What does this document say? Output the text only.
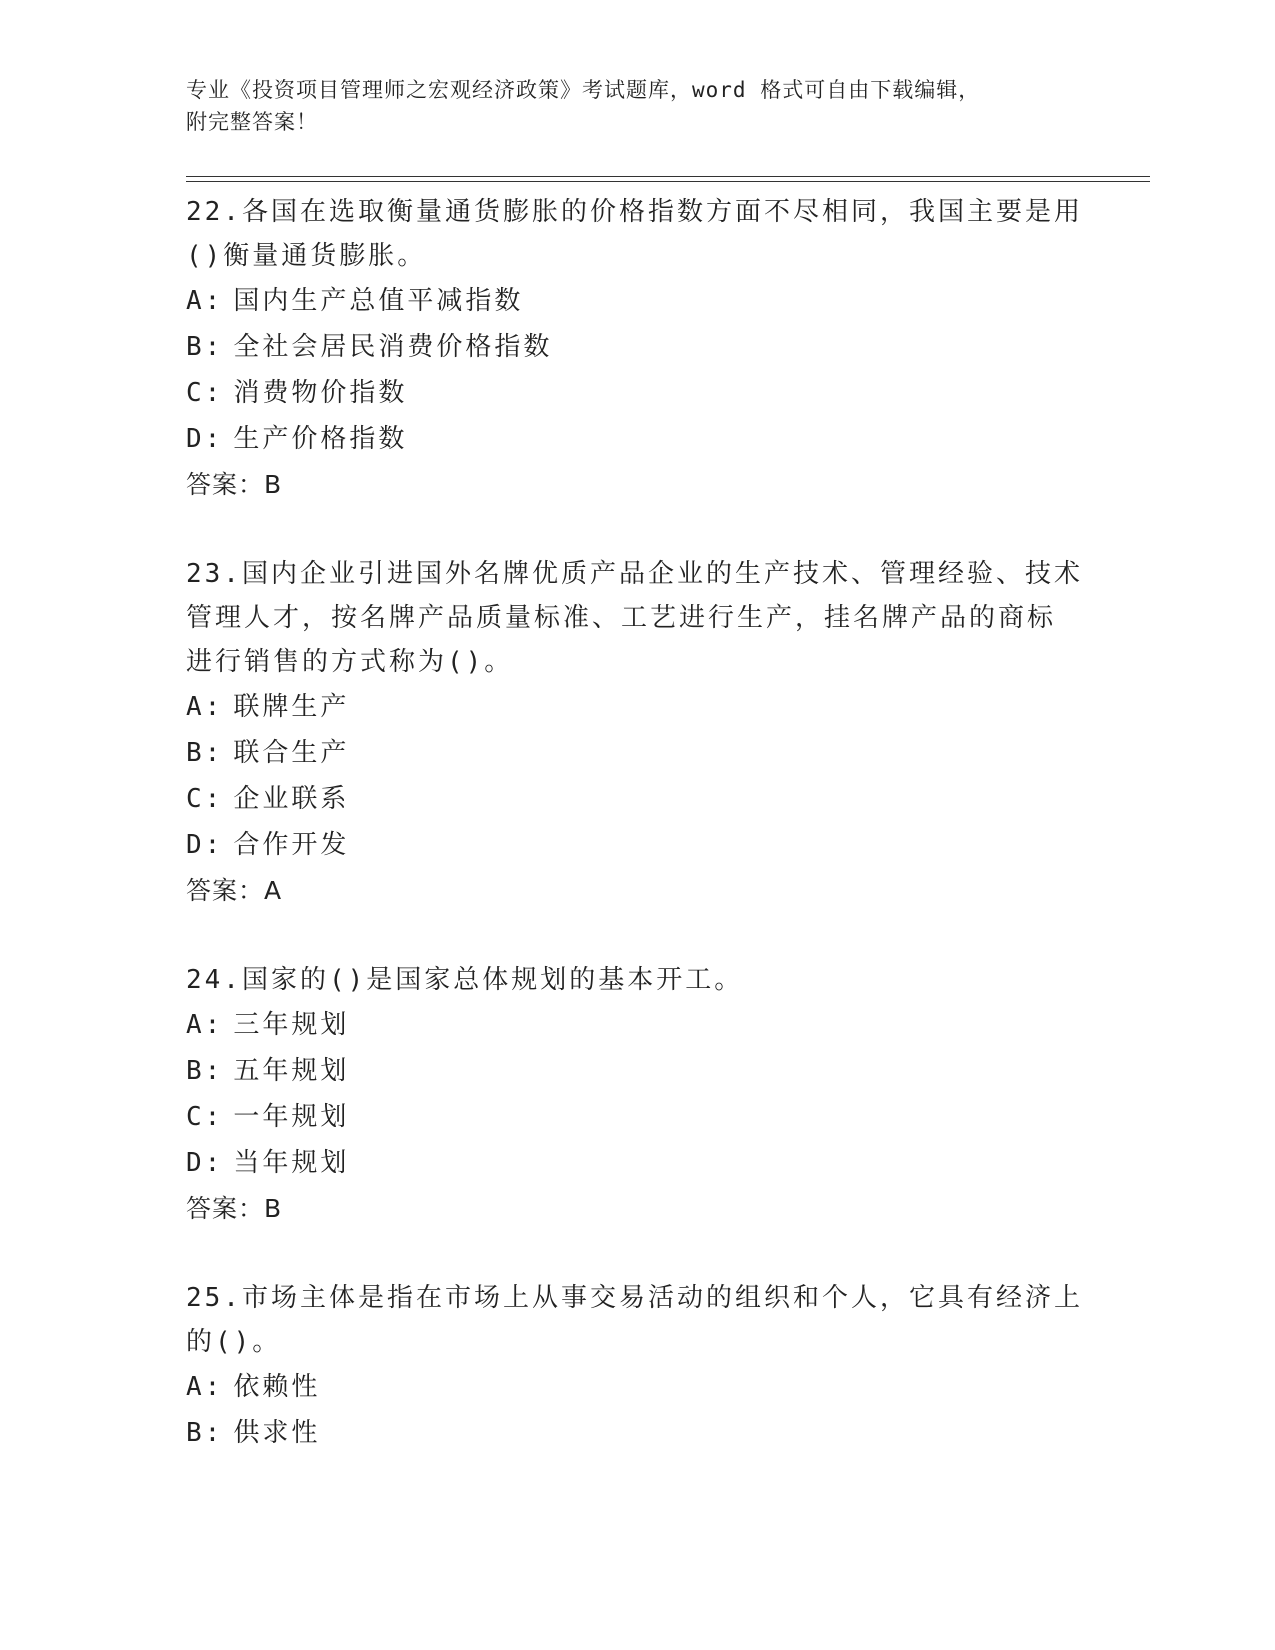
专业《投资项目管理师之宏观经济政策》考试题库，word 格式可自由下载编辑，
附完整答案！

22.各国在选取衡量通货膨胀的价格指数方面不尽相同，我国主要是用

()衡量通货膨胀。

A: 国内生产总值平减指数

B: 全社会居民消费价格指数

C: 消费物价指数

D: 生产价格指数

答案：B

23.国内企业引进国外名牌优质产品企业的生产技术、管理经验、技术

管理人才，按名牌产品质量标准、工艺进行生产，挂名牌产品的商标

进行销售的方式称为()。

A: 联牌生产

B: 联合生产

C: 企业联系

D: 合作开发

答案：A

24.国家的()是国家总体规划的基本开工。

A: 三年规划

B: 五年规划

C: 一年规划

D: 当年规划

答案：B

25.市场主体是指在市场上从事交易活动的组织和个人，它具有经济上

的()。

A: 依赖性

B: 供求性
